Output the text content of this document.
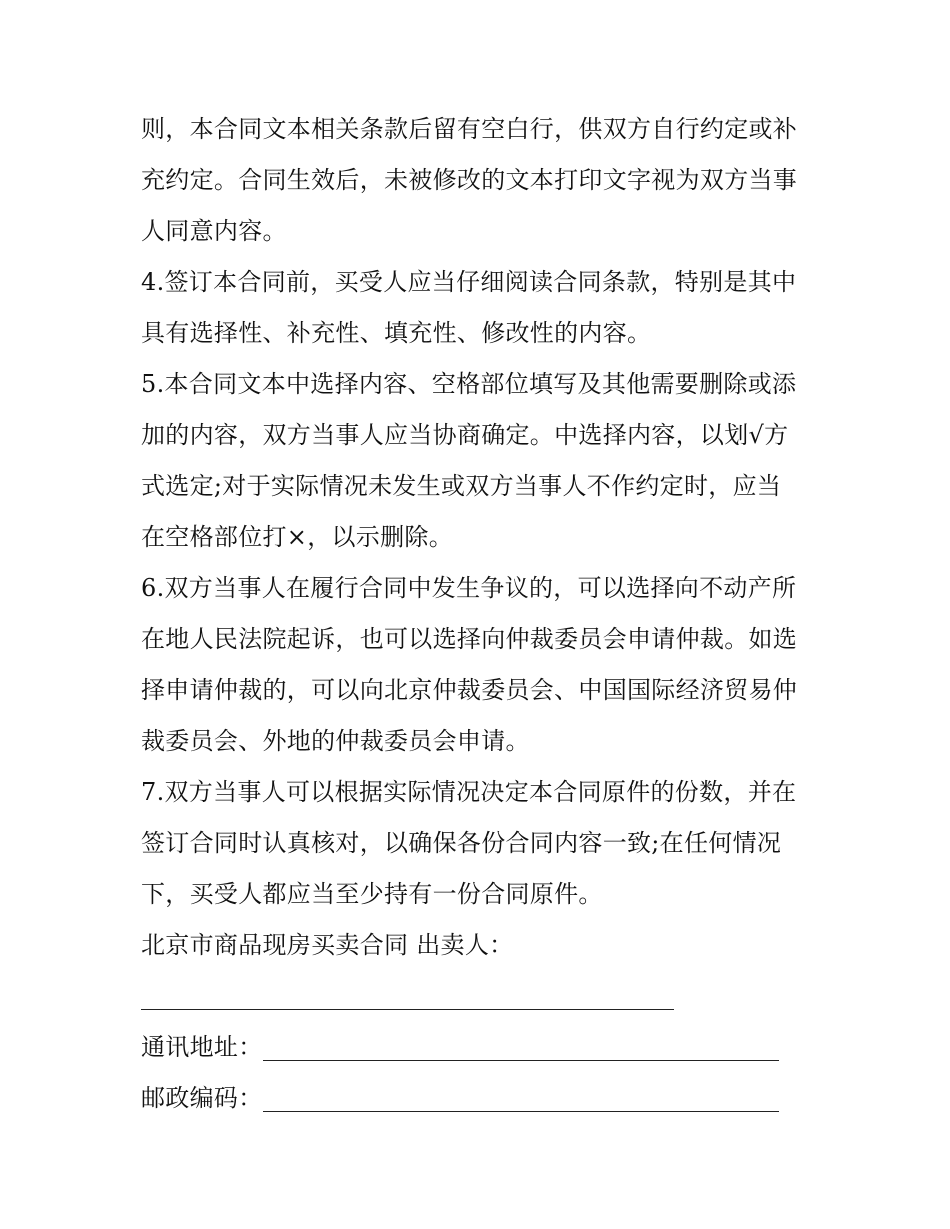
则，本合同文本相关条款后留有空白行，供双方自行约定或补
充约定。合同生效后，未被修改的文本打印文字视为双方当事
人同意内容。
4.签订本合同前，买受人应当仔细阅读合同条款，特别是其中
具有选择性、补充性、填充性、修改性的内容。
5.本合同文本中选择内容、空格部位填写及其他需要删除或添
加的内容，双方当事人应当协商确定。中选择内容，以划√方
式选定;对于实际情况未发生或双方当事人不作约定时，应当
在空格部位打×，以示删除。
6.双方当事人在履行合同中发生争议的，可以选择向不动产所
在地人民法院起诉，也可以选择向仲裁委员会申请仲裁。如选
择申请仲裁的，可以向北京仲裁委员会、中国国际经济贸易仲
裁委员会、外地的仲裁委员会申请。
7.双方当事人可以根据实际情况决定本合同原件的份数，并在
签订合同时认真核对，以确保各份合同内容一致;在任何情况
下，买受人都应当至少持有一份合同原件。
北京市商品现房买卖合同 出卖人：
通讯地址：
邮政编码：
